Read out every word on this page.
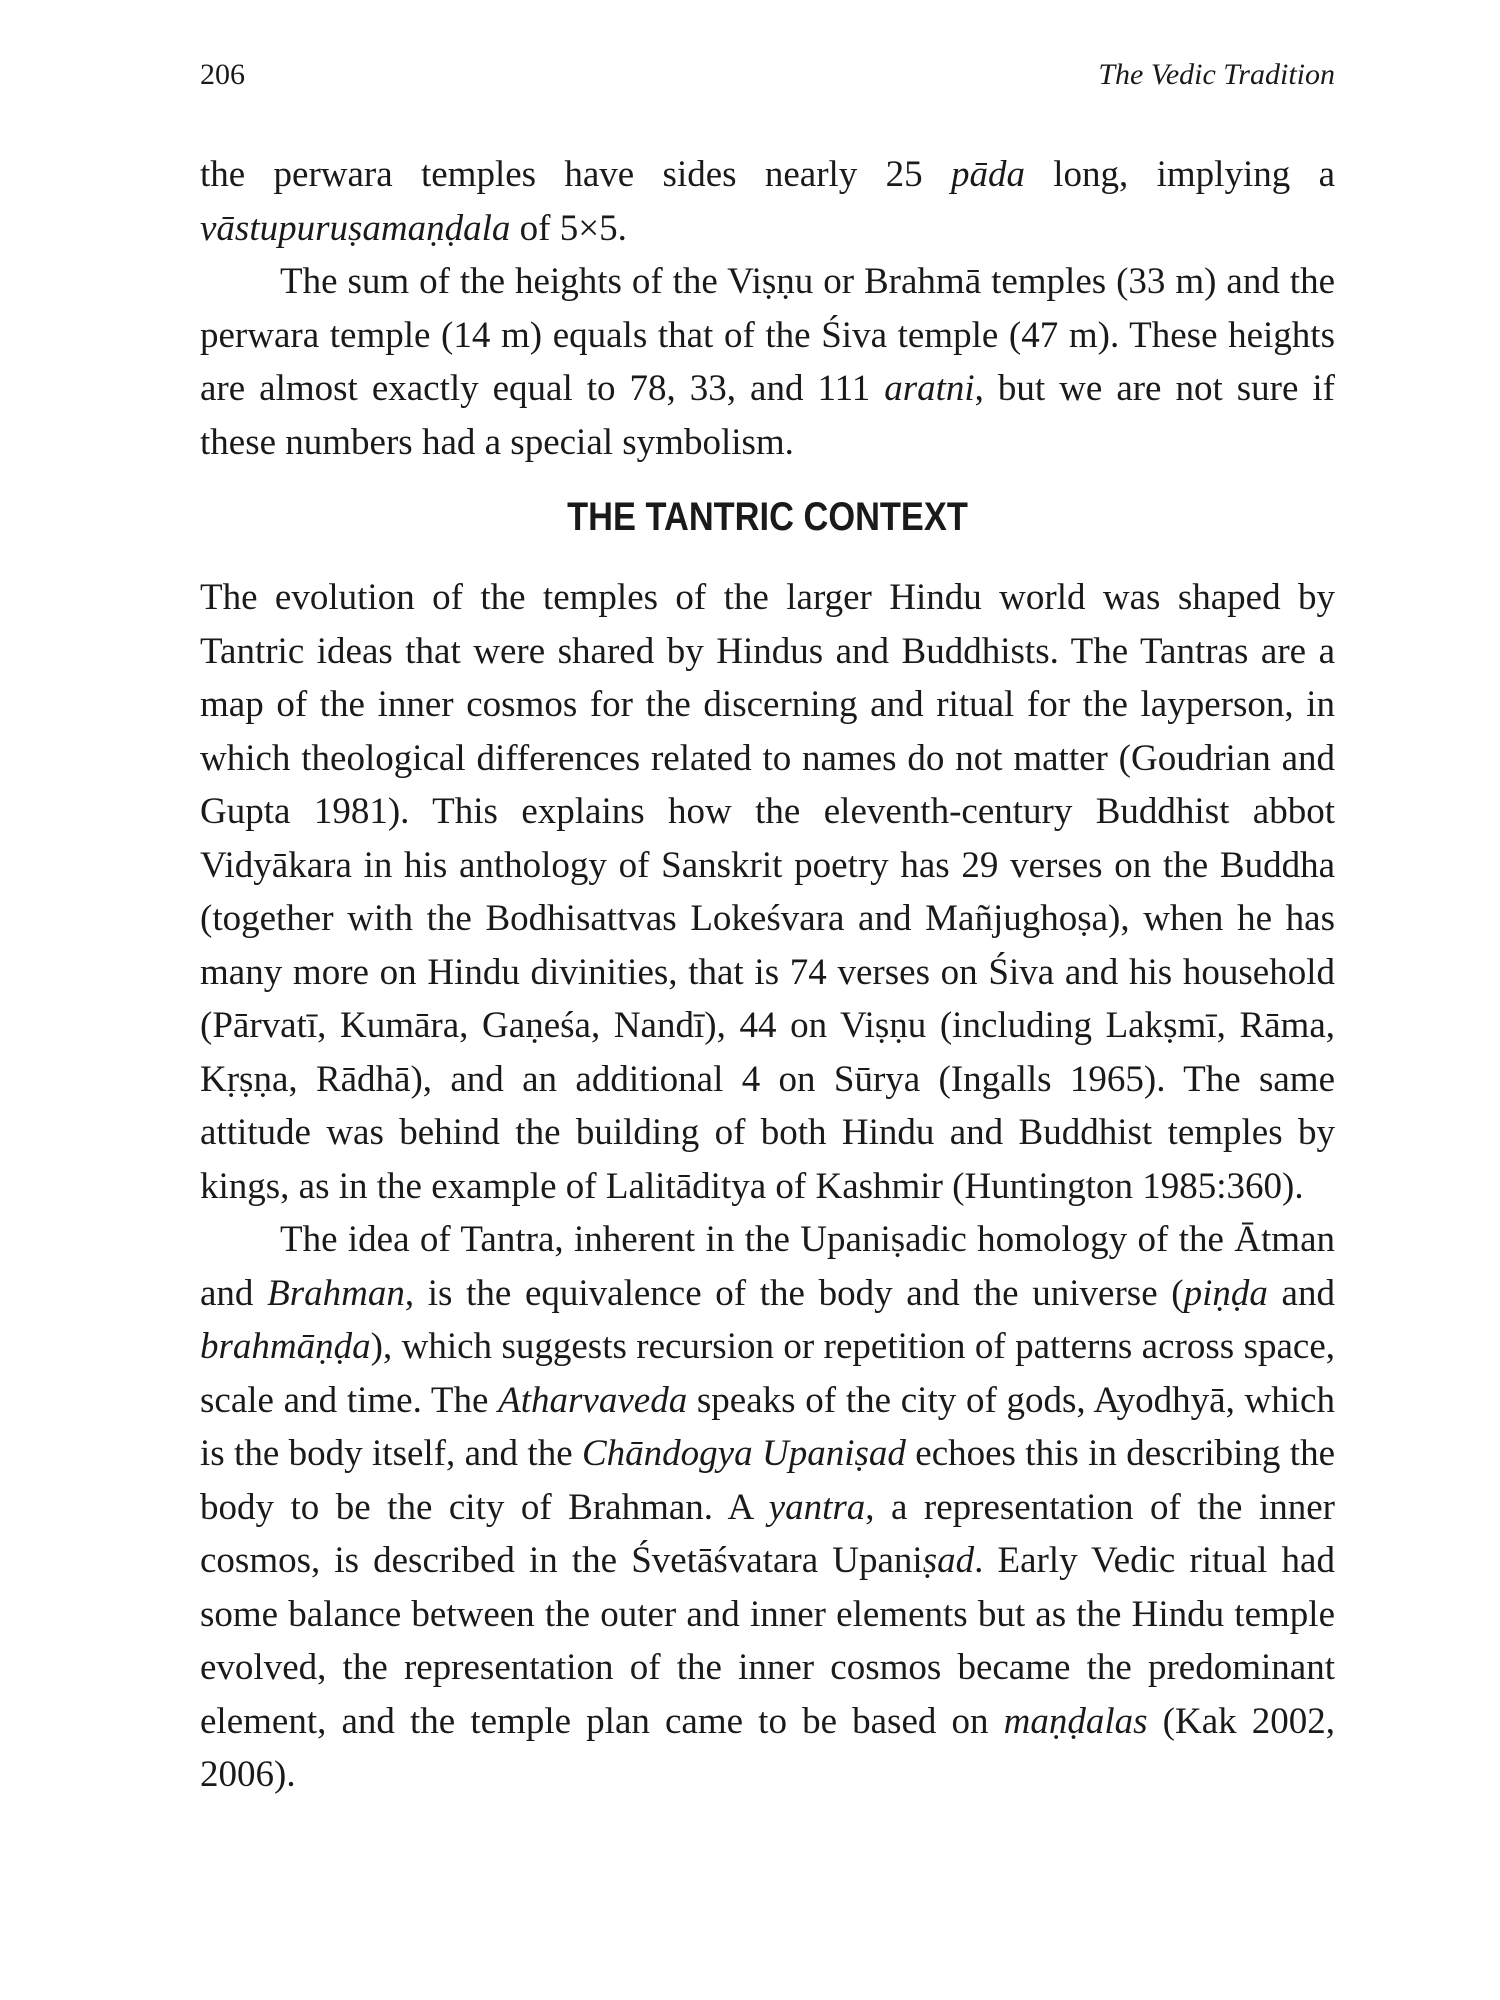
206	The Vedic Tradition

the perwara temples have sides nearly 25 pāda long, implying a vāstupuruṣamaṇḍala of 5×5.

The sum of the heights of the Viṣṇu or Brahmā temples (33 m) and the perwara temple (14 m) equals that of the Śiva temple (47 m). These heights are almost exactly equal to 78, 33, and 111 aratni, but we are not sure if these numbers had a special symbolism.

THE TANTRIC CONTEXT

The evolution of the temples of the larger Hindu world was shaped by Tantric ideas that were shared by Hindus and Buddhists. The Tantras are a map of the inner cosmos for the discerning and ritual for the layperson, in which theological differences related to names do not matter (Goudrian and Gupta 1981). This explains how the eleventh-century Buddhist abbot Vidyākara in his anthology of Sanskrit poetry has 29 verses on the Buddha (together with the Bodhisattvas Lokeśvara and Mañjughoṣa), when he has many more on Hindu divinities, that is 74 verses on Śiva and his household (Pārvatī, Kumāra, Gaṇeśa, Nandī), 44 on Viṣṇu (including Lakṣmī, Rāma, Kṛṣṇa, Rādhā), and an additional 4 on Sūrya (Ingalls 1965). The same attitude was behind the building of both Hindu and Buddhist temples by kings, as in the example of Lalitāditya of Kashmir (Huntington 1985:360).

The idea of Tantra, inherent in the Upaniṣadic homology of the Ātman and Brahman, is the equivalence of the body and the universe (piṇḍa and brahmāṇḍa), which suggests recursion or repetition of patterns across space, scale and time. The Atharvaveda speaks of the city of gods, Ayodhyā, which is the body itself, and the Chāndogya Upaniṣad echoes this in describing the body to be the city of Brahman. A yantra, a representation of the inner cosmos, is described in the Śvetāśvatara Upaniṣad. Early Vedic ritual had some balance between the outer and inner elements but as the Hindu temple evolved, the representation of the inner cosmos became the predominant element, and the temple plan came to be based on maṇḍalas (Kak 2002, 2006).
